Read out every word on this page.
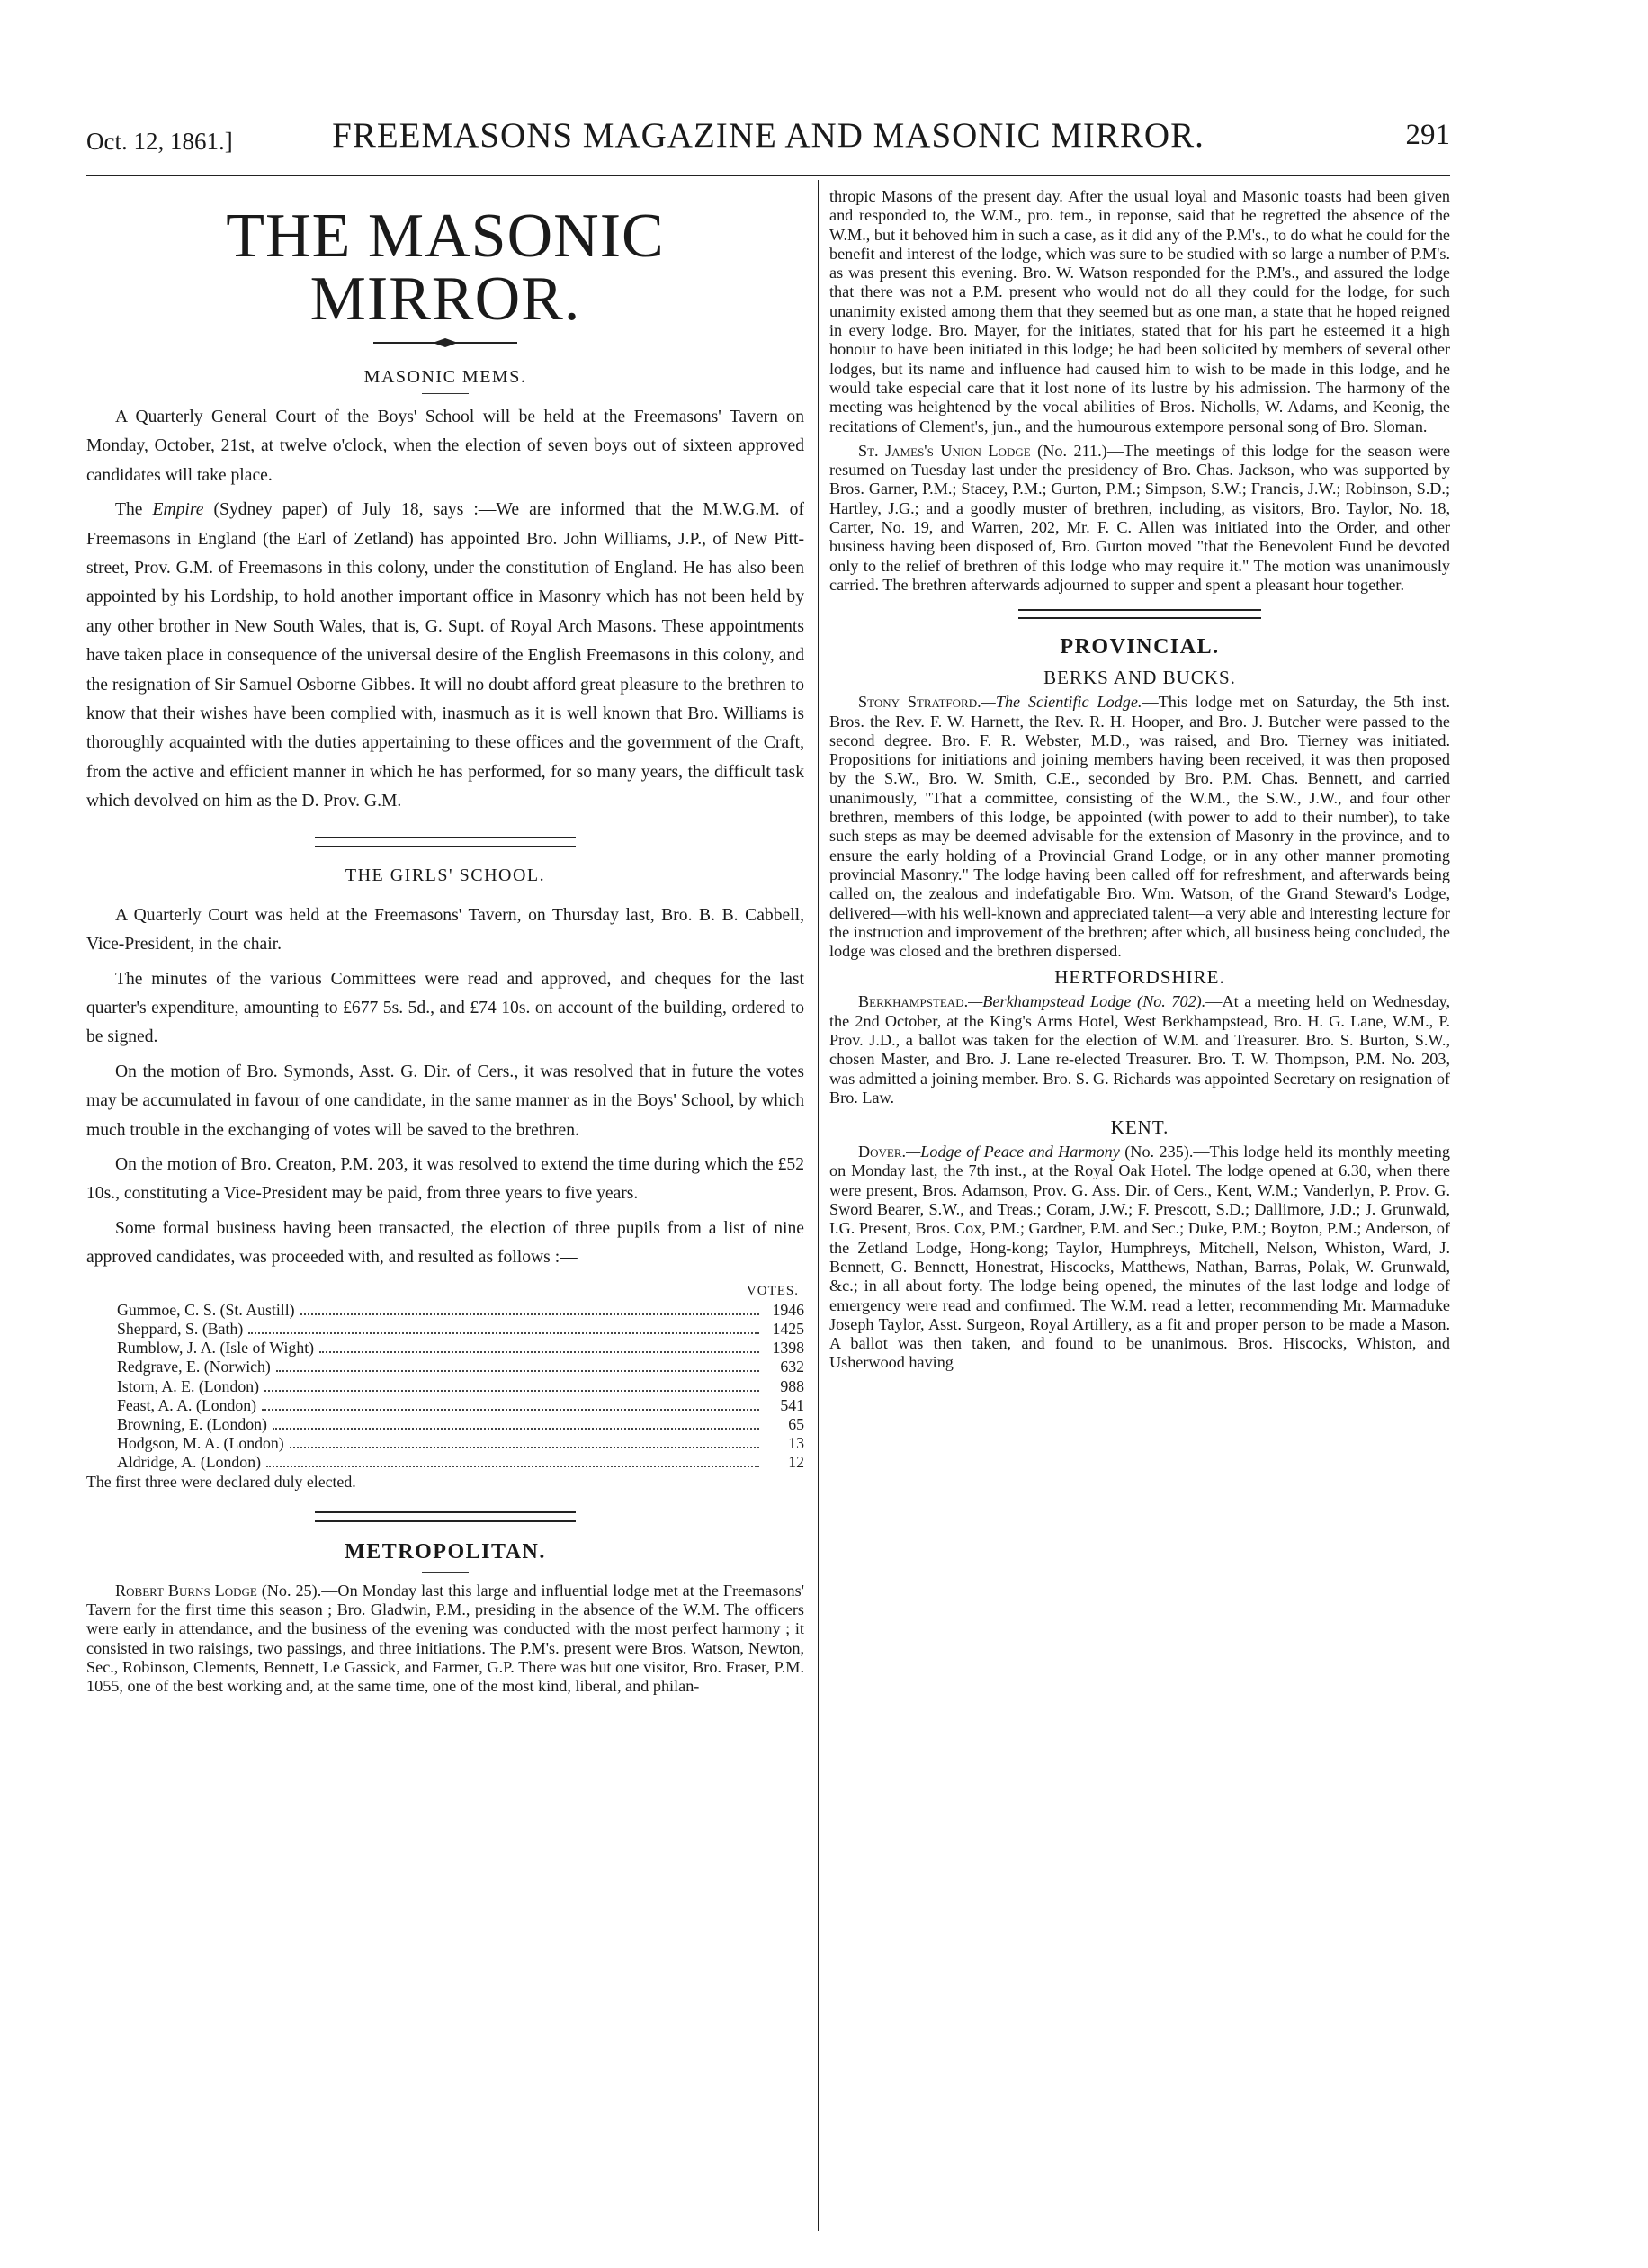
Oct. 12, 1861.]	FREEMASONS MAGAZINE AND MASONIC MIRROR.	291
THE MASONIC MIRROR.
MASONIC MEMS.

A Quarterly General Court of the Boys' School will be held at the Freemasons' Tavern on Monday, October, 21st, at twelve o'clock, when the election of seven boys out of sixteen approved candidates will take place.

The Empire (Sydney paper) of July 18, says :—We are informed that the M.W.G.M. of Freemasons in England (the Earl of Zetland) has appointed Bro. John Williams, J.P., of New Pitt-street, Prov. G.M. of Freemasons in this colony, under the constitution of England. He has also been appointed by his Lordship, to hold another important office in Masonry which has not been held by any other brother in New South Wales, that is, G. Supt. of Royal Arch Masons. These appointments have taken place in consequence of the universal desire of the English Freemasons in this colony, and the resignation of Sir Samuel Osborne Gibbes. It will no doubt afford great pleasure to the brethren to know that their wishes have been complied with, inasmuch as it is well known that Bro. Williams is thoroughly acquainted with the duties appertaining to these offices and the government of the Craft, from the active and efficient manner in which he has performed, for so many years, the difficult task which devolved on him as the D. Prov. G.M.

THE GIRLS' SCHOOL.

A Quarterly Court was held at the Freemasons' Tavern, on Thursday last, Bro. B. B. Cabbell, Vice-President, in the chair.

The minutes of the various Committees were read and approved, and cheques for the last quarter's expenditure, amounting to £677 5s. 5d., and £74 10s. on account of the building, ordered to be signed.

On the motion of Bro. Symonds, Asst. G. Dir. of Cers., it was resolved that in future the votes may be accumulated in favour of one candidate, in the same manner as in the Boys' School, by which much trouble in the exchanging of votes will be saved to the brethren.

On the motion of Bro. Creaton, P.M. 203, it was resolved to extend the time during which the £52 10s., constituting a Vice-President may be paid, from three years to five years.

Some formal business having been transacted, the election of three pupils from a list of nine approved candidates, was proceeded with, and resulted as follows :—

VOTES.
Gummoe, C. S. (St. Austill)	1946
Sheppard, S. (Bath)	1425
Rumblow, J. A. (Isle of Wight)	1398
Redgrave, E. (Norwich)	632
Istorn, A. E. (London)	988
Feast, A. A. (London)	541
Browning, E. (London)	65
Hodgson, M. A. (London)	13
Aldridge, A. (London)	12
The first three were declared duly elected.
METROPOLITAN.

Robert Burns Lodge (No. 25).—On Monday last this large and influential lodge met at the Freemasons' Tavern for the first time this season ; Bro. Gladwin, P.M., presiding in the absence of the W.M. The officers were early in attendance, and the business of the evening was conducted with the most perfect harmony ; it consisted in two raisings, two passings, and three initiations. The P.M's. present were Bros. Watson, Newton, Sec., Robinson, Clements, Bennett, Le Gassick, and Farmer, G.P. There was but one visitor, Bro. Fraser, P.M. 1055, one of the best working and, at the same time, one of the most kind, liberal, and philan-

thropic Masons of the present day. After the usual loyal and Masonic toasts had been given and responded to, the W.M., pro. tem., in reponse, said that he regretted the absence of the W.M., but it behoved him in such a case, as it did any of the P.M's., to do what he could for the benefit and interest of the lodge, which was sure to be studied with so large a number of P.M's. as was present this evening. Bro. W. Watson responded for the P.M's., and assured the lodge that there was not a P.M. present who would not do all they could for the lodge, for such unanimity existed among them that they seemed but as one man, a state that he hoped reigned in every lodge. Bro. Mayer, for the initiates, stated that for his part he esteemed it a high honour to have been initiated in this lodge; he had been solicited by members of several other lodges, but its name and influence had caused him to wish to be made in this lodge, and he would take especial care that it lost none of its lustre by his admission. The harmony of the meeting was heightened by the vocal abilities of Bros. Nicholls, W. Adams, and Keonig, the recitations of Clement's, jun., and the humourous extempore personal song of Bro. Sloman.

St. James's Union Lodge (No. 211.)—The meetings of this lodge for the season were resumed on Tuesday last under the presidency of Bro. Chas. Jackson, who was supported by Bros. Garner, P.M.; Stacey, P.M.; Gurton, P.M.; Simpson, S.W.; Francis, J.W.; Robinson, S.D.; Hartley, J.G.; and a goodly muster of brethren, including, as visitors, Bro. Taylor, No. 18, Carter, No. 19, and Warren, 202, Mr. F. C. Allen was initiated into the Order, and other business having been disposed of, Bro. Gurton moved "that the Benevolent Fund be devoted only to the relief of brethren of this lodge who may require it." The motion was unanimously carried. The brethren afterwards adjourned to supper and spent a pleasant hour together.

PROVINCIAL.
BERKS AND BUCKS.

Stony Stratford.—The Scientific Lodge.—This lodge met on Saturday, the 5th inst. Bros. the Rev. F. W. Harnett, the Rev. R. H. Hooper, and Bro. J. Butcher were passed to the second degree. Bro. F. R. Webster, M.D., was raised, and Bro. Tierney was initiated. Propositions for initiations and joining members having been received, it was then proposed by the S.W., Bro. W. Smith, C.E., seconded by Bro. P.M. Chas. Bennett, and carried unanimously, "That a committee, consisting of the W.M., the S.W., J.W., and four other brethren, members of this lodge, be appointed (with power to add to their number), to take such steps as may be deemed advisable for the extension of Masonry in the province, and to ensure the early holding of a Provincial Grand Lodge, or in any other manner promoting provincial Masonry." The lodge having been called off for refreshment, and afterwards being called on, the zealous and indefatigable Bro. Wm. Watson, of the Grand Steward's Lodge, delivered—with his well-known and appreciated talent—a very able and interesting lecture for the instruction and improvement of the brethren; after which, all business being concluded, the lodge was closed and the brethren dispersed.

HERTFORDSHIRE.

Berkhampstead.—Berkhampstead Lodge (No. 702).—At a meeting held on Wednesday, the 2nd October, at the King's Arms Hotel, West Berkhampstead, Bro. H. G. Lane, W.M., P. Prov. J.D., a ballot was taken for the election of W.M. and Treasurer. Bro. S. Burton, S.W., chosen Master, and Bro. J. Lane re-elected Treasurer. Bro. T. W. Thompson, P.M. No. 203, was admitted a joining member. Bro. S. G. Richards was appointed Secretary on resignation of Bro. Law.

KENT.

Dover.—Lodge of Peace and Harmony (No. 235).—This lodge held its monthly meeting on Monday last, the 7th inst., at the Royal Oak Hotel. The lodge opened at 6.30, when there were present, Bros. Adamson, Prov. G. Ass. Dir. of Cers., Kent, W.M.; Vanderlyn, P. Prov. G. Sword Bearer, S.W., and Treas.; Coram, J.W.; F. Prescott, S.D.; Dallimore, J.D.; J. Grunwald, I.G. Present, Bros. Cox, P.M.; Gardner, P.M. and Sec.; Duke, P.M.; Boyton, P.M.; Anderson, of the Zetland Lodge, Hong-kong; Taylor, Humphreys, Mitchell, Nelson, Whiston, Ward, J. Bennett, G. Bennett, Honestrat, Hiscocks, Matthews, Nathan, Barras, Polak, W. Grunwald, &c.; in all about forty. The lodge being opened, the minutes of the last lodge and lodge of emergency were read and confirmed. The W.M. read a letter, recommending Mr. Marmaduke Joseph Taylor, Asst. Surgeon, Royal Artillery, as a fit and proper person to be made a Mason. A ballot was then taken, and found to be unanimous. Bros. Hiscocks, Whiston, and Usherwood having
